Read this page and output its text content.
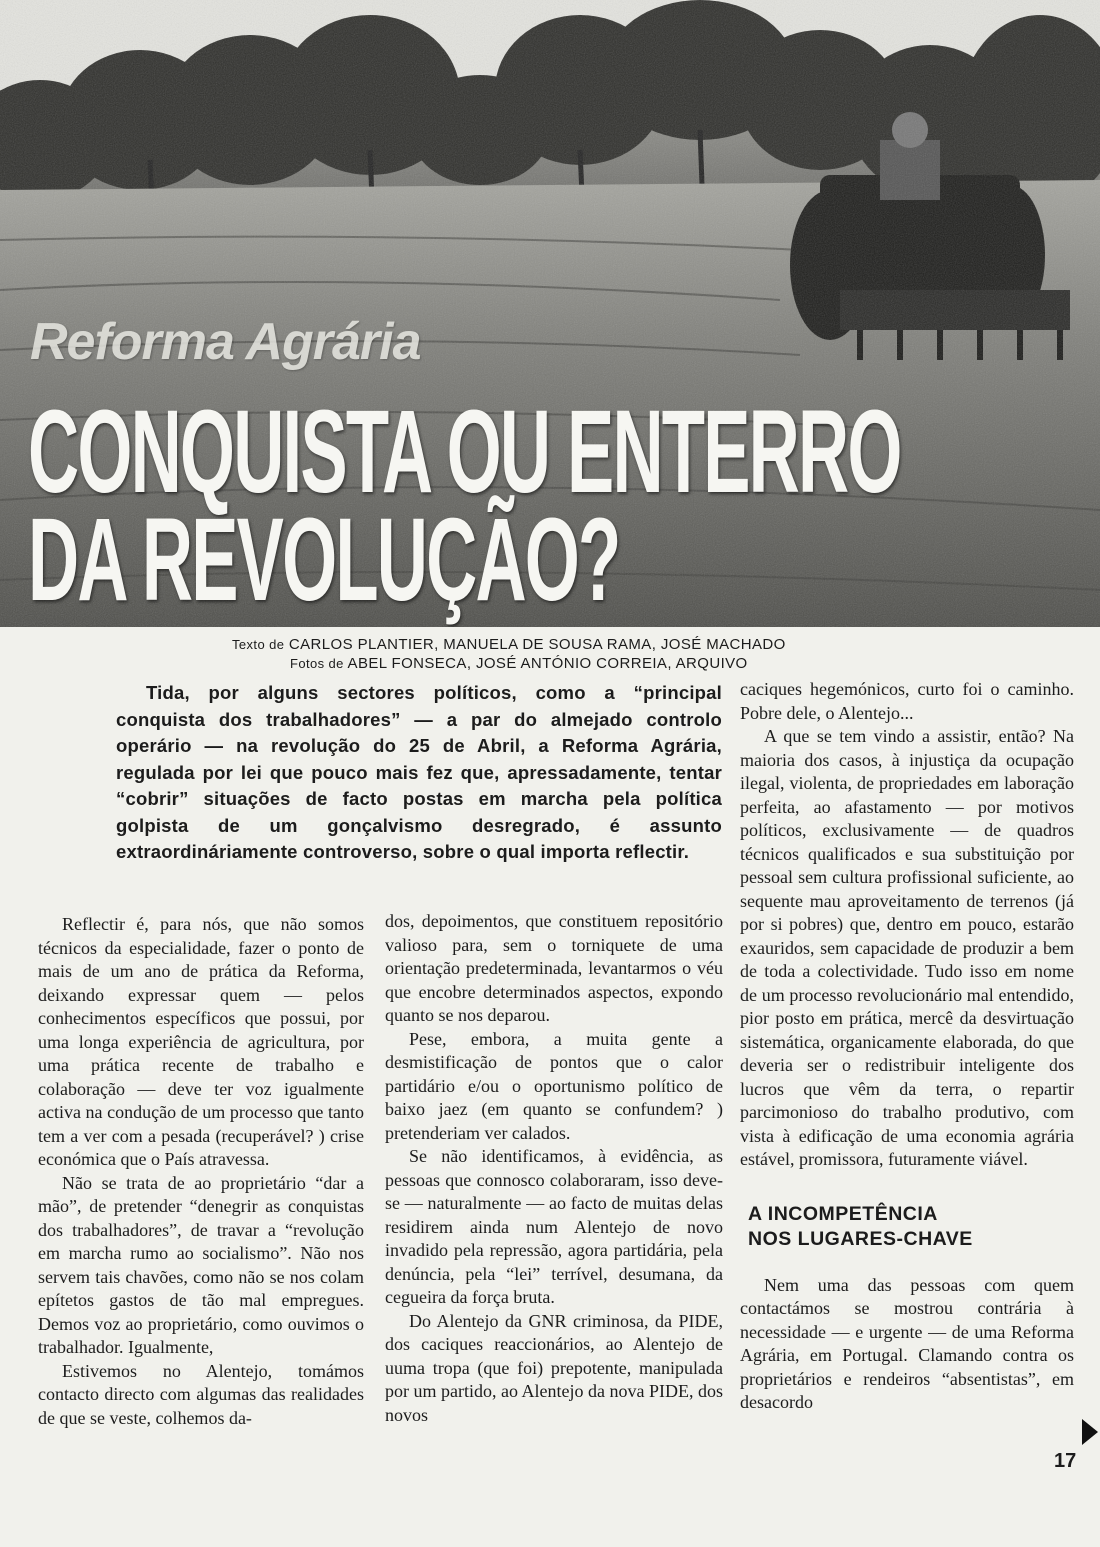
Reforma Agrária
CONQUISTA OU ENTERRO
DA REVOLUÇÃO?
Texto de CARLOS PLANTIER, MANUELA DE SOUSA RAMA, JOSÉ MACHADO
Fotos de ABEL FONSECA, JOSÉ ANTÓNIO CORREIA, ARQUIVO

Tida, por alguns sectores políticos, como a “principal conquista dos trabalhadores” — a par do almejado controlo operário — na revolução do 25 de Abril, a Reforma Agrária, regulada por lei que pouco mais fez que, apressadamente, tentar “cobrir” situações de facto postas em marcha pela política golpista de um gonçalvismo desregrado, é assunto extraordináriamente controverso, sobre o qual importa reflectir.

Reflectir é, para nós, que não somos técnicos da especialidade, fazer o ponto de mais de um ano de prática da Reforma, deixando expressar quem — pelos conhecimentos específicos que possui, por uma longa experiência de agricultura, por uma prática recente de trabalho e colaboração — deve ter voz igualmente activa na condução de um processo que tanto tem a ver com a pesada (recuperável? ) crise económica que o País atravessa.

Não se trata de ao proprietário “dar a mão”, de pretender “denegrir as conquistas dos trabalhadores”, de travar a “revolução em marcha rumo ao socialismo”. Não nos servem tais chavões, como não se nos colam epítetos gastos de tão mal empregues. Demos voz ao proprietário, como ouvimos o trabalhador. Igualmente,

Estivemos no Alentejo, tomámos contacto directo com algumas das realidades de que se veste, colhemos da-

dos, depoimentos, que constituem repositório valioso para, sem o torniquete de uma orientação predeterminada, levantarmos o véu que encobre determinados aspectos, expondo quanto se nos deparou.

Pese, embora, a muita gente a desmistificação de pontos que o calor partidário e/ou o oportunismo político de baixo jaez (em quanto se confundem? ) pretenderiam ver calados.

Se não identificamos, à evidência, as pessoas que connosco colaboraram, isso deve-se — naturalmente — ao facto de muitas delas residirem ainda num Alentejo de novo invadido pela repressão, agora partidária, pela denúncia, pela “lei” terrível, desumana, da cegueira da força bruta.

Do Alentejo da GNR criminosa, da PIDE, dos caciques reaccionários, ao Alentejo de uuma tropa (que foi) prepotente, manipulada por um partido, ao Alentejo da nova PIDE, dos novos

caciques hegemónicos, curto foi o caminho. Pobre dele, o Alentejo...

A que se tem vindo a assistir, então? Na maioria dos casos, à injustiça da ocupação ilegal, violenta, de propriedades em laboração perfeita, ao afastamento — por motivos políticos, exclusivamente — de quadros técnicos qualificados e sua substituição por pessoal sem cultura profissional suficiente, ao sequente mau aproveitamento de terrenos (já por si pobres) que, dentro em pouco, estarão exauridos, sem capacidade de produzir a bem de toda a colectividade. Tudo isso em nome de um processo revolucionário mal entendido, pior posto em prática, mercê da desvirtuação sistemática, organicamente elaborada, do que deveria ser o redistribuir inteligente dos lucros que vêm da terra, o repartir parcimonioso do trabalho produtivo, com vista à edificação de uma economia agrária estável, promissora, futuramente viável.

A INCOMPETÊNCIA
NOS LUGARES-CHAVE

Nem uma das pessoas com quem contactámos se mostrou contrária à necessidade — e urgente — de uma Reforma Agrária, em Portugal. Clamando contra os proprietários e rendeiros “absentistas”, em desacordo

17
